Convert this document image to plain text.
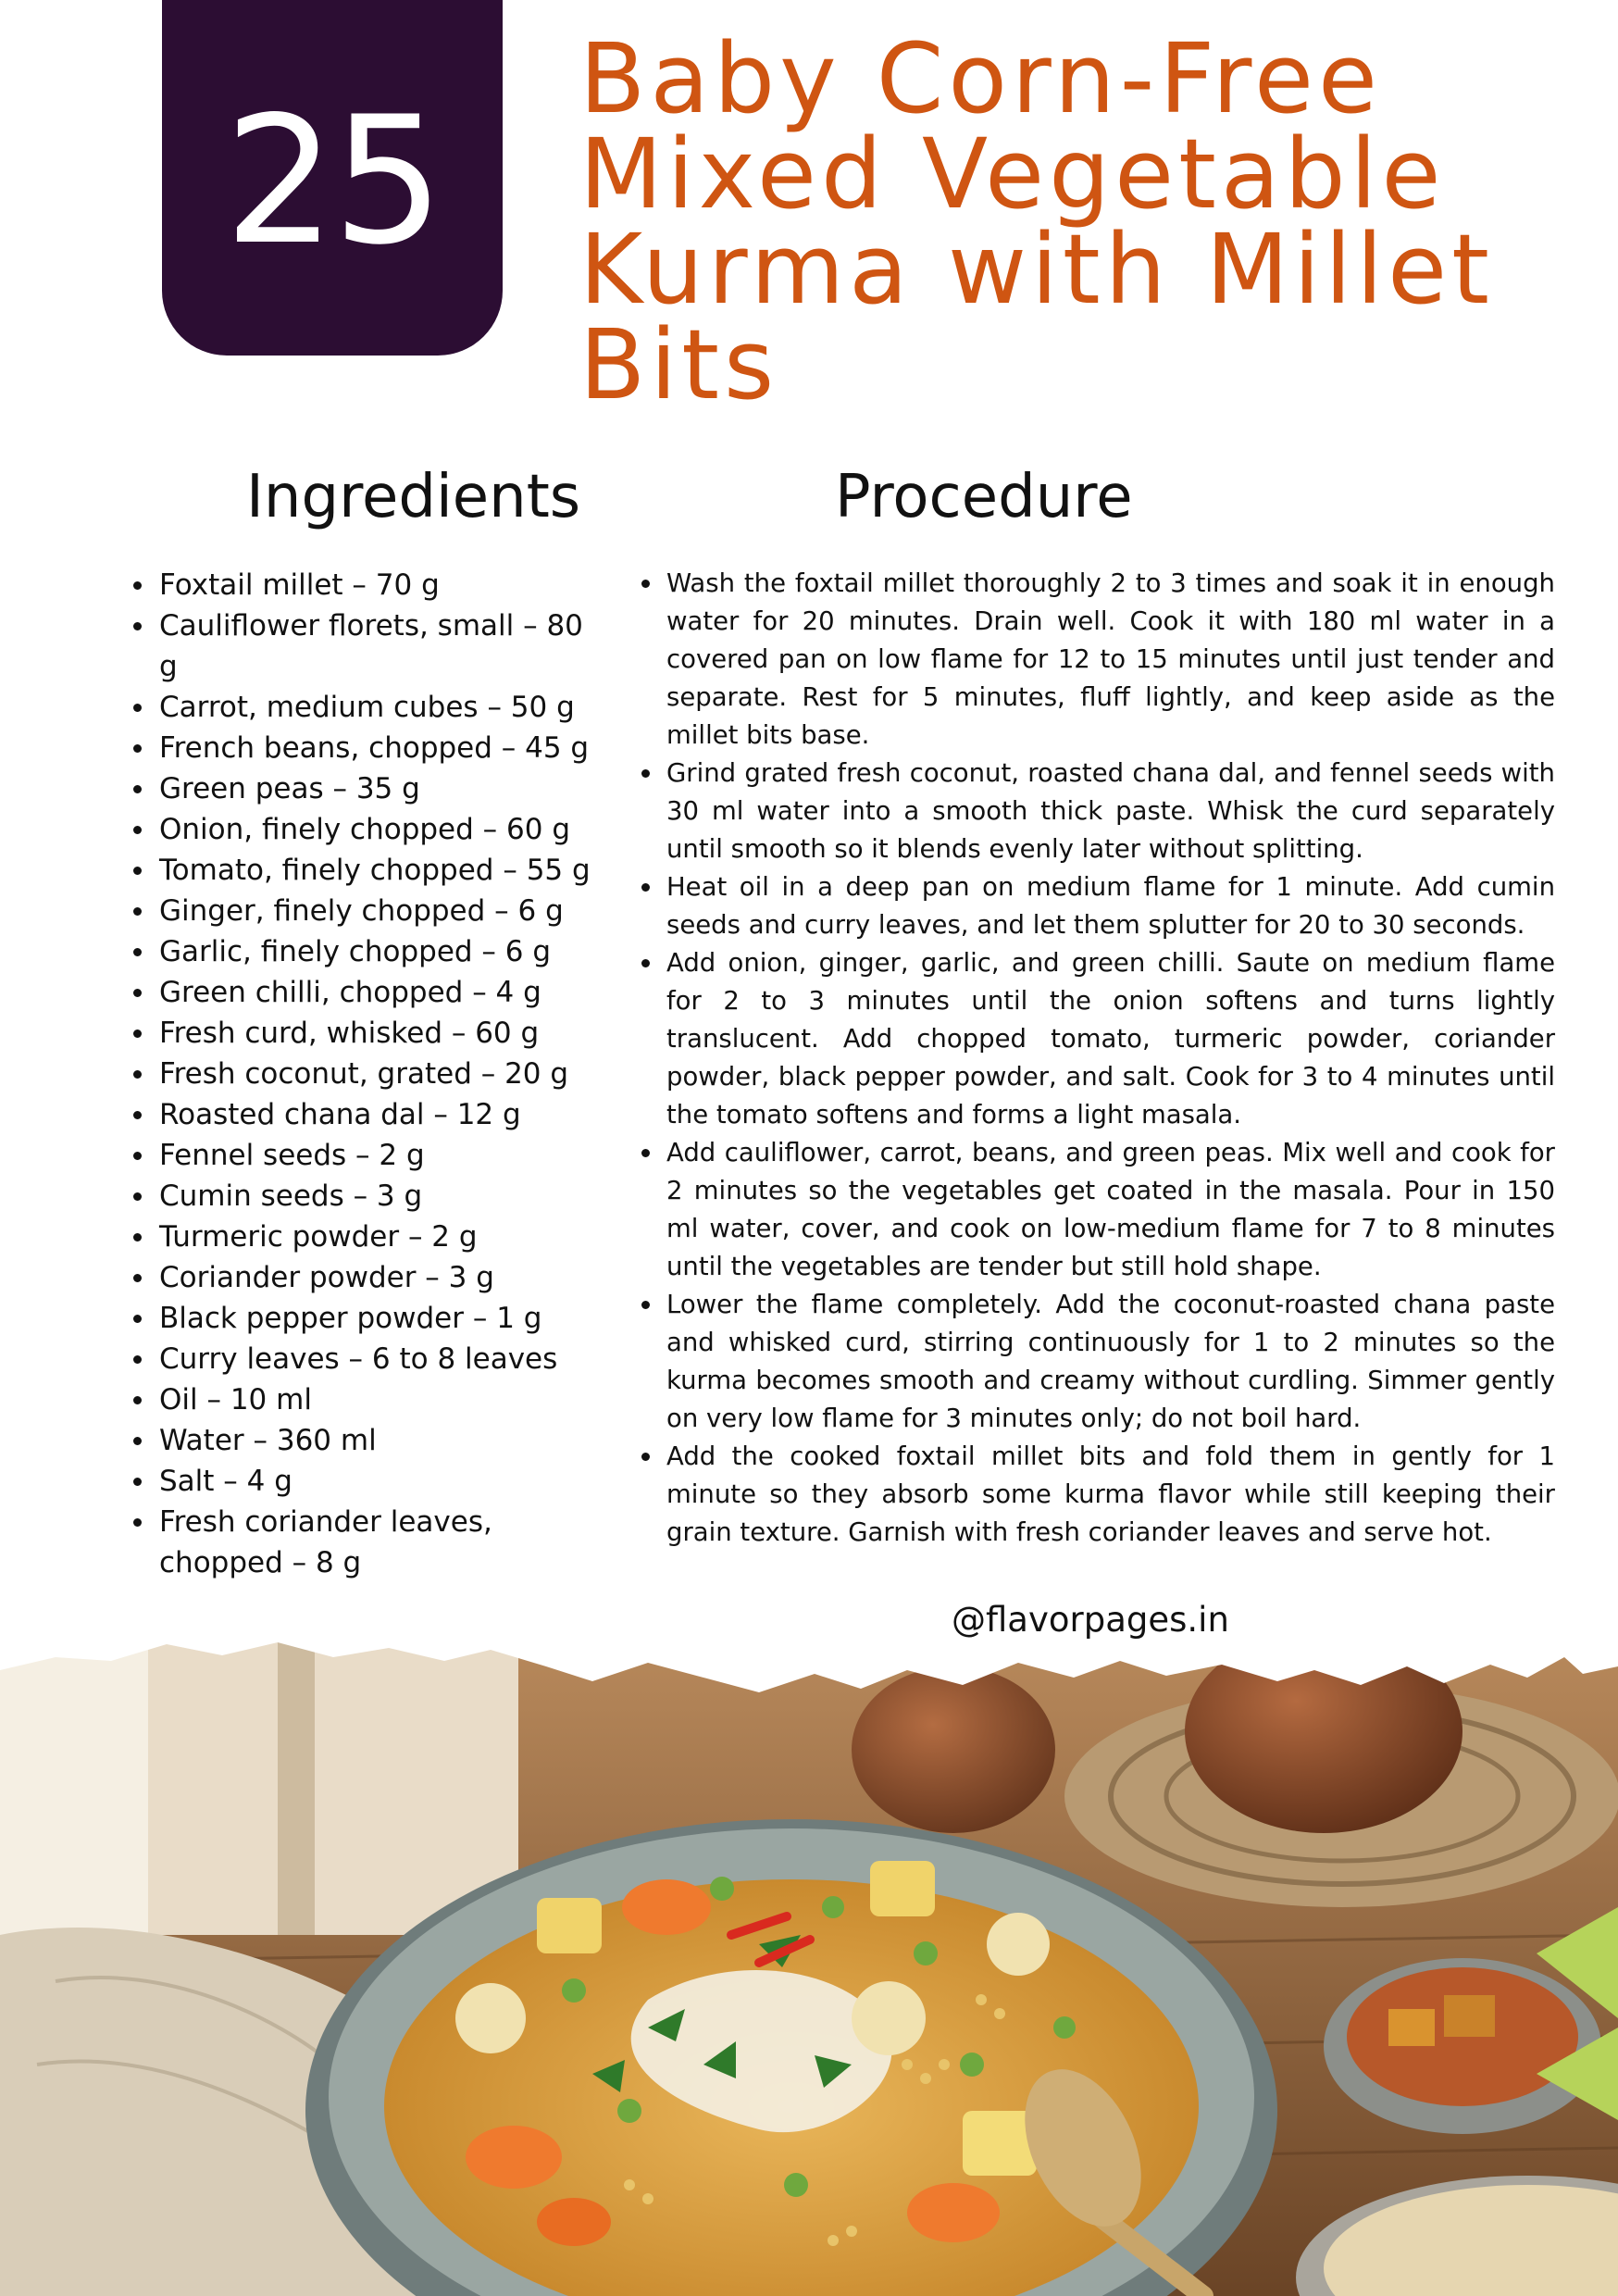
25 Baby Corn-Free Mixed Vegetable Kurma with Millet Bits
Ingredients	Procedure
Foxtail millet – 70 g
Cauliflower florets, small – 80 g
Carrot, medium cubes – 50 g
French beans, chopped – 45 g
Green peas – 35 g
Onion, finely chopped – 60 g
Tomato, finely chopped – 55 g
Ginger, finely chopped – 6 g
Garlic, finely chopped – 6 g
Green chilli, chopped – 4 g
Fresh curd, whisked – 60 g
Fresh coconut, grated – 20 g
Roasted chana dal – 12 g
Fennel seeds – 2 g
Cumin seeds – 3 g
Turmeric powder – 2 g
Coriander powder – 3 g
Black pepper powder – 1 g
Curry leaves – 6 to 8 leaves
Oil – 10 ml
Water – 360 ml
Salt – 4 g
Fresh coriander leaves, chopped – 8 g
Wash the foxtail millet thoroughly 2 to 3 times and soak it in enough water for 20 minutes. Drain well. Cook it with 180 ml water in a covered pan on low flame for 12 to 15 minutes until just tender and separate. Rest for 5 minutes, fluff lightly, and keep aside as the millet bits base.
Grind grated fresh coconut, roasted chana dal, and fennel seeds with 30 ml water into a smooth thick paste. Whisk the curd separately until smooth so it blends evenly later without splitting.
Heat oil in a deep pan on medium flame for 1 minute. Add cumin seeds and curry leaves, and let them splutter for 20 to 30 seconds.
Add onion, ginger, garlic, and green chilli. Saute on medium flame for 2 to 3 minutes until the onion softens and turns lightly translucent. Add chopped tomato, turmeric powder, coriander powder, black pepper powder, and salt. Cook for 3 to 4 minutes until the tomato softens and forms a light masala.
Add cauliflower, carrot, beans, and green peas. Mix well and cook for 2 minutes so the vegetables get coated in the masala. Pour in 150 ml water, cover, and cook on low-medium flame for 7 to 8 minutes until the vegetables are tender but still hold shape.
Lower the flame completely. Add the coconut-roasted chana paste and whisked curd, stirring continuously for 1 to 2 minutes so the kurma becomes smooth and creamy without curdling. Simmer gently on very low flame for 3 minutes only; do not boil hard.
Add the cooked foxtail millet bits and fold them in gently for 1 minute so they absorb some kurma flavor while still keeping their grain texture. Garnish with fresh coriander leaves and serve hot.
@flavorpages.in
